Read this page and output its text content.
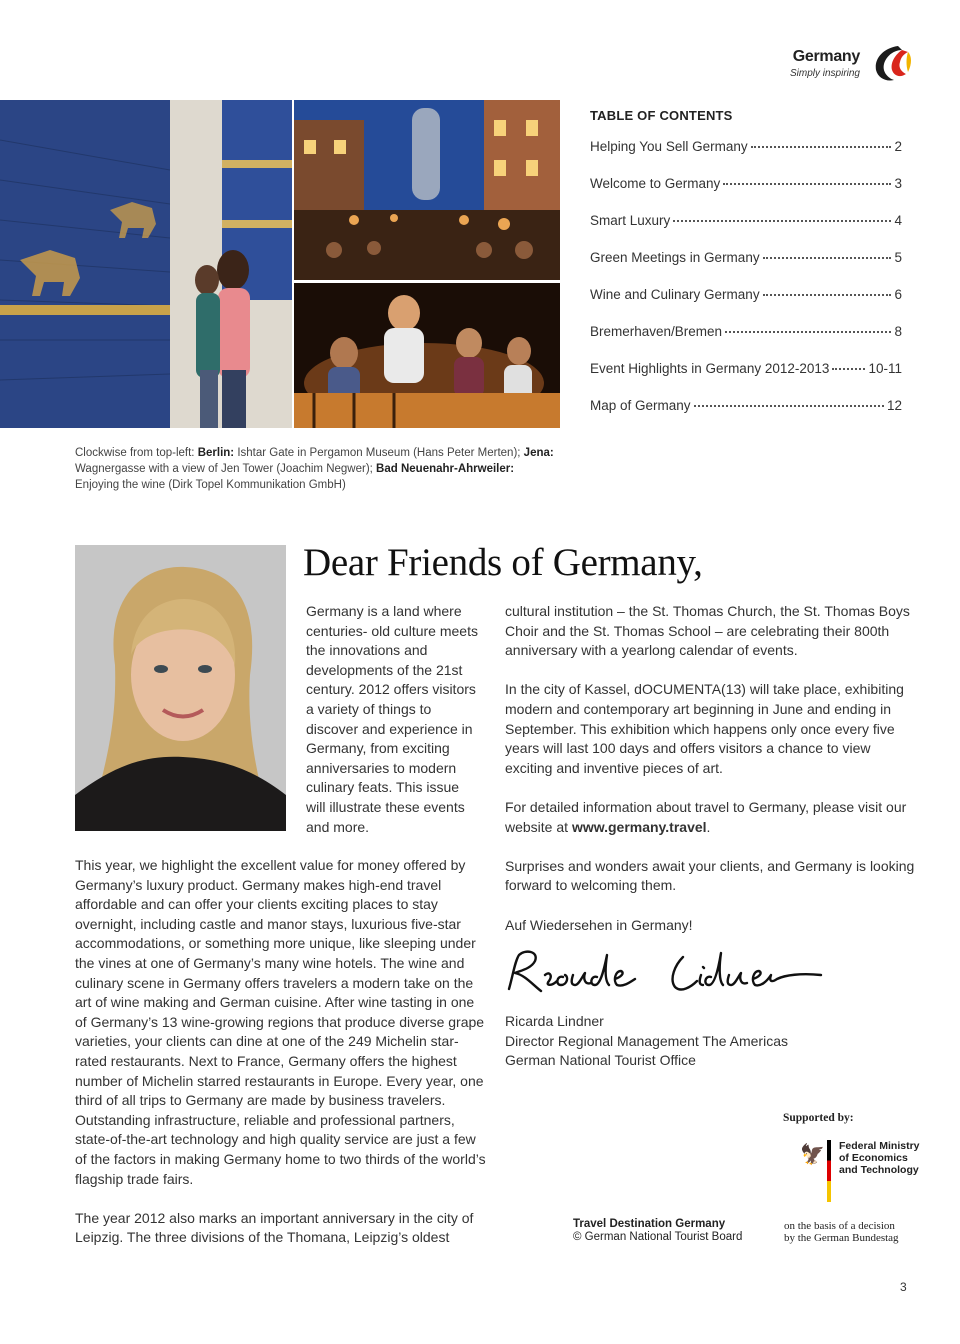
Germany
Simply inspiring
Clockwise from top-left: Berlin: Ishtar Gate in Pergamon Museum (Hans Peter Merten); Jena: Wagnergasse with a view of Jen Tower (Joachim Negwer); Bad Neuenahr-Ahrweiler: Enjoying the wine (Dirk Topel Kommunikation GmbH)
TABLE OF CONTENTS
Helping You Sell Germany	2
Welcome to Germany	3
Smart Luxury	4
Green Meetings in Germany	5
Wine and Culinary Germany	6
Bremerhaven/Bremen	8
Event Highlights in Germany 2012-2013	10-11
Map of Germany	12
Dear Friends of Germany,

Germany is a land where centuries- old culture meets the innovations and developments of the 21st century. 2012 offers visitors a variety of things to discover and experience in Germany, from exciting anniversaries to modern culinary feats. This issue will illustrate these events and more.

This year, we highlight the excellent value for money offered by Germany’s luxury product. Germany makes high-end travel affordable and can offer your clients exciting places to stay overnight, including castle and manor stays, luxurious five-star accommodations, or something more unique, like sleeping under the vines at one of Germany’s many wine hotels. The wine and culinary scene in Germany offers travelers a modern take on the art of wine making and German cuisine. After wine tasting in one of Germany’s 13 wine-growing regions that produce diverse grape varieties, your clients can dine at one of the 249 Michelin star-rated restaurants. Next to France, Germany offers the highest number of Michelin starred restaurants in Europe. Every year, one third of all trips to Germany are made by business travelers. Outstanding infrastructure, reliable and professional partners, state-of-the-art technology and high quality service are just a few of the factors in making Germany home to two thirds of the world’s flagship trade fairs.

The year 2012 also marks an important anniversary in the city of Leipzig. The three divisions of the Thomana, Leipzig’s oldest

cultural institution – the St. Thomas Church, the St. Thomas Boys Choir and the St. Thomas School – are celebrating their 800th anniversary with a yearlong calendar of events.

In the city of Kassel, dOCUMENTA(13) will take place, exhibiting modern and contemporary art beginning in June and ending in September. This exhibition which happens only once every five years will last 100 days and offers visitors a chance to view exciting and inventive pieces of art.

For detailed information about travel to Germany, please visit our website at www.germany.travel.

Surprises and wonders await your clients, and Germany is looking forward to welcoming them.

Auf Wiedersehen in Germany!

Ricarda Lindner
Director Regional Management The Americas
German National Tourist Office
Supported by:
🦅 Federal Ministry
of Economics
and Technology
Travel Destination Germany
© German National Tourist Board
on the basis of a decision
by the German Bundestag
3
